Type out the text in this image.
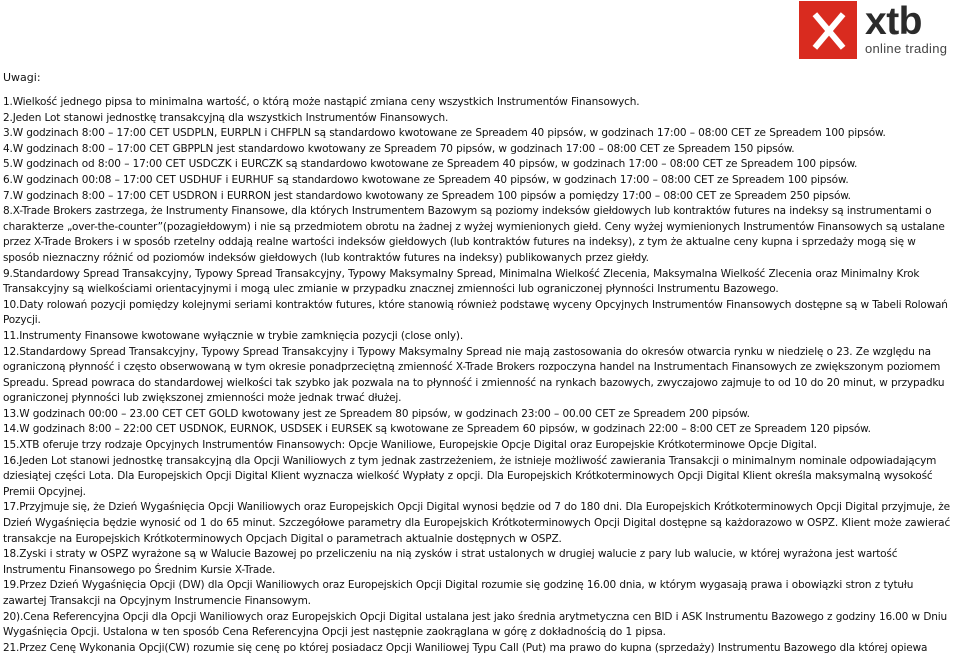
xtb
online trading
Uwagi:

1.Wielkość jednego pipsa to minimalna wartość, o którą może nastąpić zmiana ceny wszystkich Instrumentów Finansowych.

2.Jeden Lot stanowi jednostkę transakcyjną dla wszystkich Instrumentów Finansowych.

3.W godzinach 8:00 – 17:00 CET USDPLN, EURPLN i CHFPLN są standardowo kwotowane ze Spreadem 40 pipsów, w godzinach 17:00 – 08:00 CET ze Spreadem 100 pipsów.

4.W godzinach 8:00 – 17:00 CET GBPPLN jest standardowo kwotowany ze Spreadem 70 pipsów, w godzinach 17:00 – 08:00 CET ze Spreadem 150 pipsów.

5.W godzinach od 8:00 – 17:00 CET USDCZK i EURCZK są standardowo kwotowane ze Spreadem 40 pipsów, w godzinach 17:00 – 08:00 CET ze Spreadem 100 pipsów.

6.W godzinach 00:08 – 17:00 CET USDHUF i EURHUF są standardowo kwotowane ze Spreadem 40 pipsów, w godzinach 17:00 – 08:00 CET ze Spreadem 100 pipsów.

7.W godzinach 8:00 – 17:00 CET USDRON i EURRON jest standardowo kwotowany ze Spreadem 100 pipsów a pomiędzy 17:00 – 08:00 CET ze Spreadem 250 pipsów.

8.X-Trade Brokers zastrzega, że Instrumenty Finansowe, dla których Instrumentem Bazowym są poziomy indeksów giełdowych lub kontraktów futures na indeksy są instrumentami o charakterze „over-the-counter”(pozagiełdowym) i nie są przedmiotem obrotu na żadnej z wyżej wymienionych giełd. Ceny wyżej wymienionych Instrumentów Finansowych są ustalane przez X-Trade Brokers i w sposób rzetelny oddają realne wartości indeksów giełdowych (lub kontraktów futures na indeksy), z tym że aktualne ceny kupna i sprzedaży mogą się w sposób nieznaczny różnić od poziomów indeksów giełdowych (lub kontraktów futures na indeksy) publikowanych przez giełdy.

9.Standardowy Spread Transakcyjny, Typowy Spread Transakcyjny, Typowy Maksymalny Spread, Minimalna Wielkość Zlecenia, Maksymalna Wielkość Zlecenia oraz Minimalny Krok Transakcyjny są wielkościami orientacyjnymi i mogą ulec zmianie w przypadku znacznej zmienności lub ograniczonej płynności Instrumentu Bazowego.

10.Daty rolowań pozycji pomiędzy kolejnymi seriami kontraktów futures, które stanowią również podstawę wyceny Opcyjnych Instrumentów Finansowych dostępne są w Tabeli Rolowań Pozycji.

11.Instrumenty Finansowe kwotowane wyłącznie w trybie zamknięcia pozycji (close only).

12.Standardowy Spread Transakcyjny, Typowy Spread Transakcyjny i Typowy Maksymalny Spread nie mają zastosowania do okresów otwarcia rynku w niedzielę o 23. Ze względu na ograniczoną płynność i często obserwowaną w tym okresie ponadprzeciętną zmienność X-Trade Brokers rozpoczyna handel na Instrumentach Finansowych ze zwiększonym poziomem Spreadu. Spread powraca do standardowej wielkości tak szybko jak pozwala na to płynność i zmienność na rynkach bazowych, zwyczajowo zajmuje to od 10 do 20 minut, w przypadku ograniczonej płynności lub zwiększonej zmienności może jednak trwać dłużej.

13.W godzinach 00:00 – 23.00 CET CET GOLD kwotowany jest ze Spreadem 80 pipsów, w godzinach 23:00 – 00.00 CET ze Spreadem 200 pipsów.

14.W godzinach 8:00 – 22:00 CET USDNOK, EURNOK, USDSEK i EURSEK są kwotowane ze Spreadem 60 pipsów, w godzinach 22:00 – 8:00 CET ze Spreadem 120 pipsów.

15.XTB oferuje trzy rodzaje Opcyjnych Instrumentów Finansowych: Opcje Waniliowe, Europejskie Opcje Digital oraz Europejskie Krótkoterminowe Opcje Digital.

16.Jeden Lot stanowi jednostkę transakcyjną dla Opcji Waniliowych z tym jednak zastrzeżeniem, że istnieje możliwość zawierania Transakcji o minimalnym nominale odpowiadającym dziesiątej części Lota. Dla Europejskich Opcji Digital Klient wyznacza wielkość Wypłaty z opcji. Dla Europejskich Krótkoterminowych Opcji Digital Klient określa maksymalną wysokość Premii Opcyjnej.

17.Przyjmuje się, że Dzień Wygaśnięcia Opcji Waniliowych oraz Europejskich Opcji Digital wynosi będzie od 7 do 180 dni. Dla Europejskich Krótkoterminowych Opcji Digital przyjmuje, że Dzień Wygaśnięcia będzie wynosić od 1 do 65 minut. Szczegółowe parametry dla Europejskich Krótkoterminowych Opcji Digital dostępne są każdorazowo w OSPZ. Klient może zawierać transakcje na Europejskich Krótkoterminowych Opcjach Digital o parametrach aktualnie dostępnych w OSPZ.

18.Zyski i straty w OSPZ wyrażone są w Walucie Bazowej po przeliczeniu na nią zysków i strat ustalonych w drugiej walucie z pary lub walucie, w której wyrażona jest wartość Instrumentu Finansowego po Średnim Kursie X-Trade.

19.Przez Dzień Wygaśnięcia Opcji (DW) dla Opcji Waniliowych oraz Europejskich Opcji Digital rozumie się godzinę 16.00 dnia, w którym wygasają prawa i obowiązki stron z tytułu zawartej Transakcji na Opcyjnym Instrumencie Finansowym.

20).Cena Referencyjna Opcji dla Opcji Waniliowych oraz Europejskich Opcji Digital ustalana jest jako średnia arytmetyczna cen BID i ASK Instrumentu Bazowego z godziny 16.00 w Dniu Wygaśnięcia Opcji. Ustalona w ten sposób Cena Referencyjna Opcji jest następnie zaokrąglana w górę z dokładnością do 1 pipsa.

21.Przez Cenę Wykonania Opcji(CW) rozumie się cenę po której posiadacz Opcji Waniliowej Typu Call (Put) ma prawo do kupna (sprzedaży) Instrumentu Bazowego dla której opiewa
